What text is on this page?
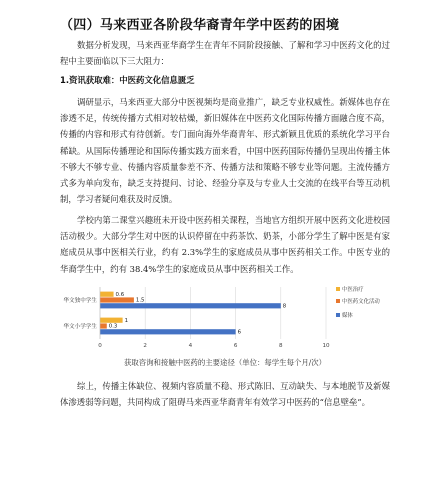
（四）马来西亚各阶段华裔青年学中医药的困境

数据分析发现，马来西亚华裔学生在青年不同阶段接触、了解和学习中医药文化的过程中主要面临以下三大阻力：

1.资讯获取难：中医药文化信息匮乏

调研显示，马来西亚大部分中医视频均是商业推广，缺乏专业权威性。新媒体也存在渗透不足，传统传播方式相对较枯燥，新旧媒体在中医药文化国际传播方面融合度不高，传播的内容和形式有待创新。专门面向海外华裔青年、形式新颖且优质的系统化学习平台稀缺。从国际传播理论和国际传播实践方面来看，中国中医药国际传播仍呈现出传播主体不够大不够专业、传播内容质量参差不齐、传播方法和策略不够专业等问题。主流传播方式多为单向发布，缺乏支持提问、讨论、经验分享及与专业人士交流的在线平台等互动机制，学习者疑问难获及时反馈。

学校内第二课堂兴趣班未开设中医药相关课程，当地官方组织开展中医药文化进校园活动极少。大部分学生对中医的认识停留在中药茶饮、奶茶，小部分学生了解中医是有家庭成员从事中医相关行业，约有 2.3%学生的家庭成员从事中医药相关工作。中医专业的华裔学生中，约有 38.4%学生的家庭成员从事中医药相关工作。

0	2	4	6	8	10
华文小学学生
1
0.3
6
华文独中学生
0.6
1.5
8
中医治疗
中医药文化活动
媒体
获取咨询和接触中医药的主要途径（单位：每学生每个月/次）

综上，传播主体缺位、视频内容质量不稳、形式陈旧、互动缺失、与本地脱节及新媒体渗透弱等问题，共同构成了阻碍马来西亚华裔青年有效学习中医药的“信息壁垒”。
